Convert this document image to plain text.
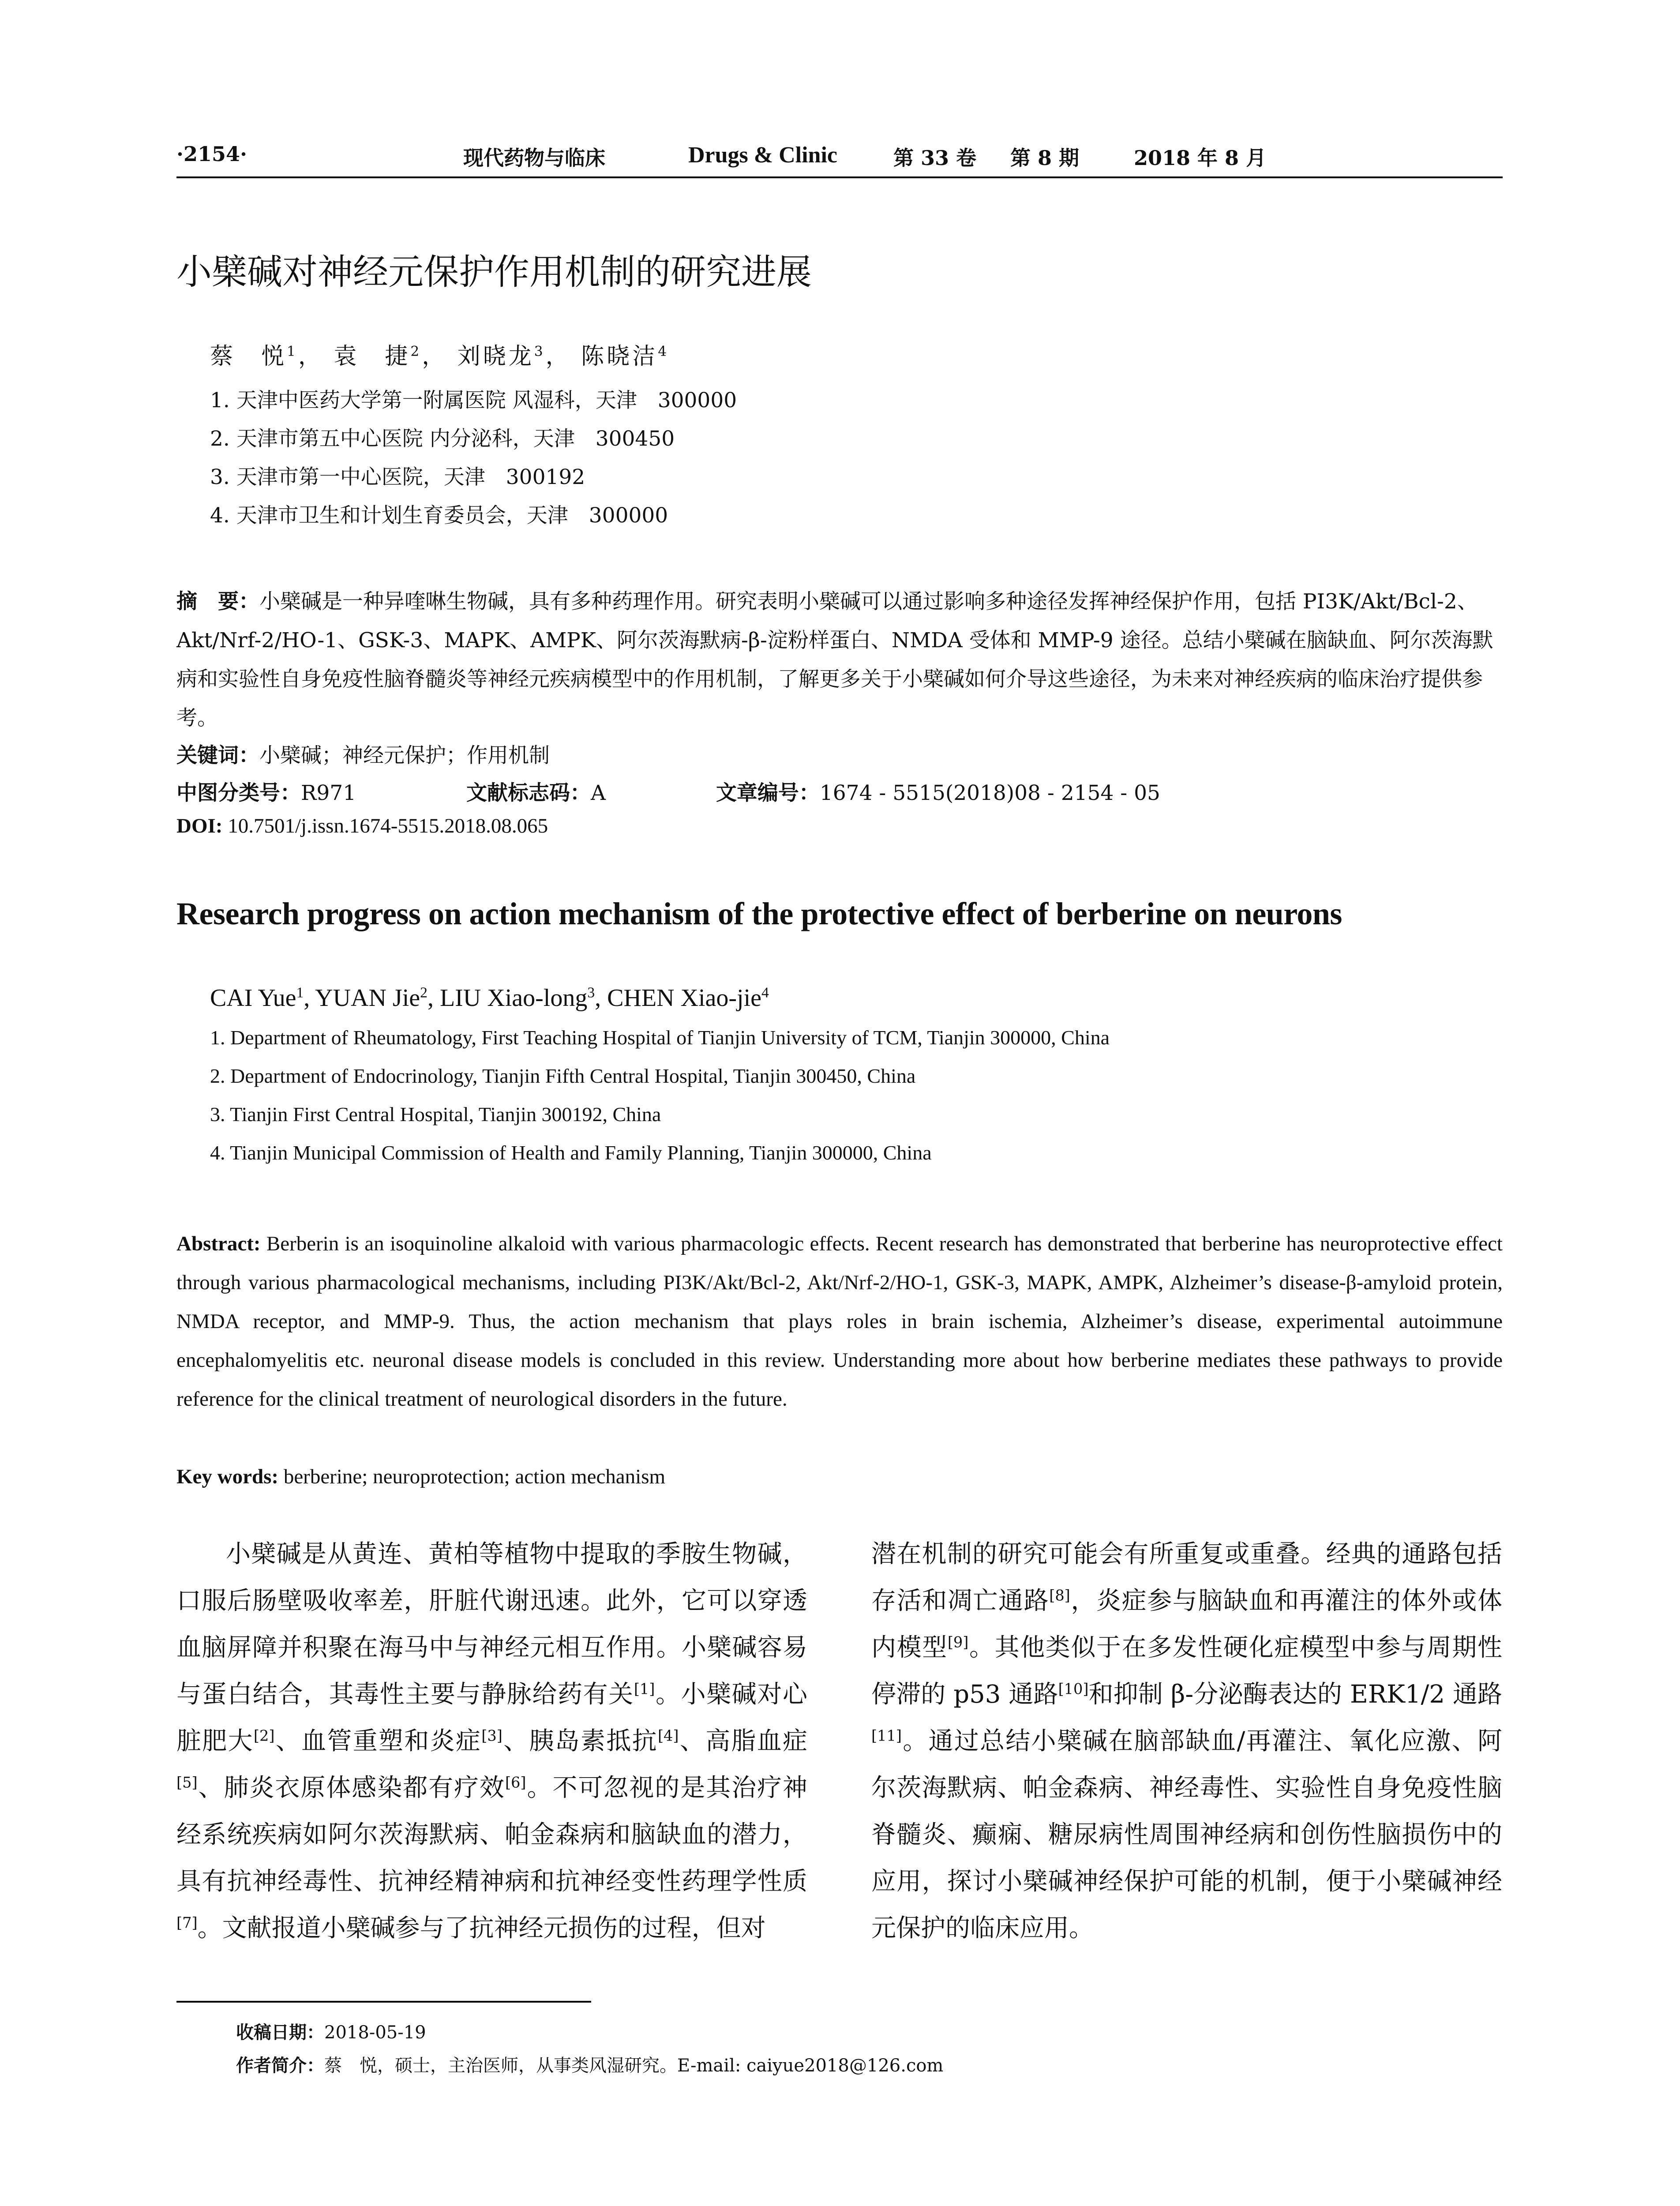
·2154·	现代药物与临床	Drugs & Clinic	第 33 卷 第 8 期	2018 年 8 月
小檗碱对神经元保护作用机制的研究进展
蔡　悦$^1$， 袁　捷$^2$， 刘晓龙$^3$， 陈晓洁$^4$
1. 天津中医药大学第一附属医院 风湿科，天津　300000
2. 天津市第五中心医院 内分泌科，天津　300450
3. 天津市第一中心医院，天津　300192
4. 天津市卫生和计划生育委员会，天津　300000
摘　要：小檗碱是一种异喹啉生物碱，具有多种药理作用。研究表明小檗碱可以通过影响多种途径发挥神经保护作用，包括 PI3K/Akt/Bcl-2、Akt/Nrf-2/HO-1、GSK-3、MAPK、AMPK、阿尔茨海默病-β-淀粉样蛋白、NMDA 受体和 MMP-9 途径。总结小檗碱在脑缺血、阿尔茨海默病和实验性自身免疫性脑脊髓炎等神经元疾病模型中的作用机制，了解更多关于小檗碱如何介导这些途径，为未来对神经疾病的临床治疗提供参考。
关键词：小檗碱；神经元保护；作用机制
中图分类号：R971	文献标志码：A	文章编号：1674 - 5515(2018)08 - 2154 - 05
DOI: 10.7501/j.issn.1674-5515.2018.08.065
Research progress on action mechanism of the protective effect of berberine on neurons
CAI Yue$^1$, YUAN Jie$^2$, LIU Xiao-long$^3$, CHEN Xiao-jie$^4$
1. Department of Rheumatology, First Teaching Hospital of Tianjin University of TCM, Tianjin 300000, China
2. Department of Endocrinology, Tianjin Fifth Central Hospital, Tianjin 300450, China
3. Tianjin First Central Hospital, Tianjin 300192, China
4. Tianjin Municipal Commission of Health and Family Planning, Tianjin 300000, China
Abstract: Berberin is an isoquinoline alkaloid with various pharmacologic effects. Recent research has demonstrated that berberine has neuroprotective effect through various pharmacological mechanisms, including PI3K/Akt/Bcl-2, Akt/Nrf-2/HO-1, GSK-3, MAPK, AMPK, Alzheimer’s disease-β-amyloid protein, NMDA receptor, and MMP-9. Thus, the action mechanism that plays roles in brain ischemia, Alzheimer’s disease, experimental autoimmune encephalomyelitis etc. neuronal disease models is concluded in this review. Understanding more about how berberine mediates these pathways to provide reference for the clinical treatment of neurological disorders in the future.
Key words: berberine; neuroprotection; action mechanism
小檗碱是从黄连、黄柏等植物中提取的季胺生物碱，口服后肠壁吸收率差，肝脏代谢迅速。此外，它可以穿透血脑屏障并积聚在海马中与神经元相互作用。小檗碱容易与蛋白结合，其毒性主要与静脉给药有关[1]。小檗碱对心脏肥大[2]、血管重塑和炎症[3]、胰岛素抵抗[4]、高脂血症[5]、肺炎衣原体感染都有疗效[6]。不可忽视的是其治疗神经系统疾病如阿尔茨海默病、帕金森病和脑缺血的潜力，具有抗神经毒性、抗神经精神病和抗神经变性药理学性质[7]。文献报道小檗碱参与了抗神经元损伤的过程，但对
潜在机制的研究可能会有所重复或重叠。经典的通路包括存活和凋亡通路[8]，炎症参与脑缺血和再灌注的体外或体内模型[9]。其他类似于在多发性硬化症模型中参与周期性停滞的 p53 通路[10]和抑制 β-分泌酶表达的 ERK1/2 通路[11]。通过总结小檗碱在脑部缺血/再灌注、氧化应激、阿尔茨海默病、帕金森病、神经毒性、实验性自身免疫性脑脊髓炎、癫痫、糖尿病性周围神经病和创伤性脑损伤中的应用，探讨小檗碱神经保护可能的机制，便于小檗碱神经元保护的临床应用。
收稿日期：2018-05-19
作者简介：蔡　悦，硕士，主治医师，从事类风湿研究。E-mail: caiyue2018@126.com
